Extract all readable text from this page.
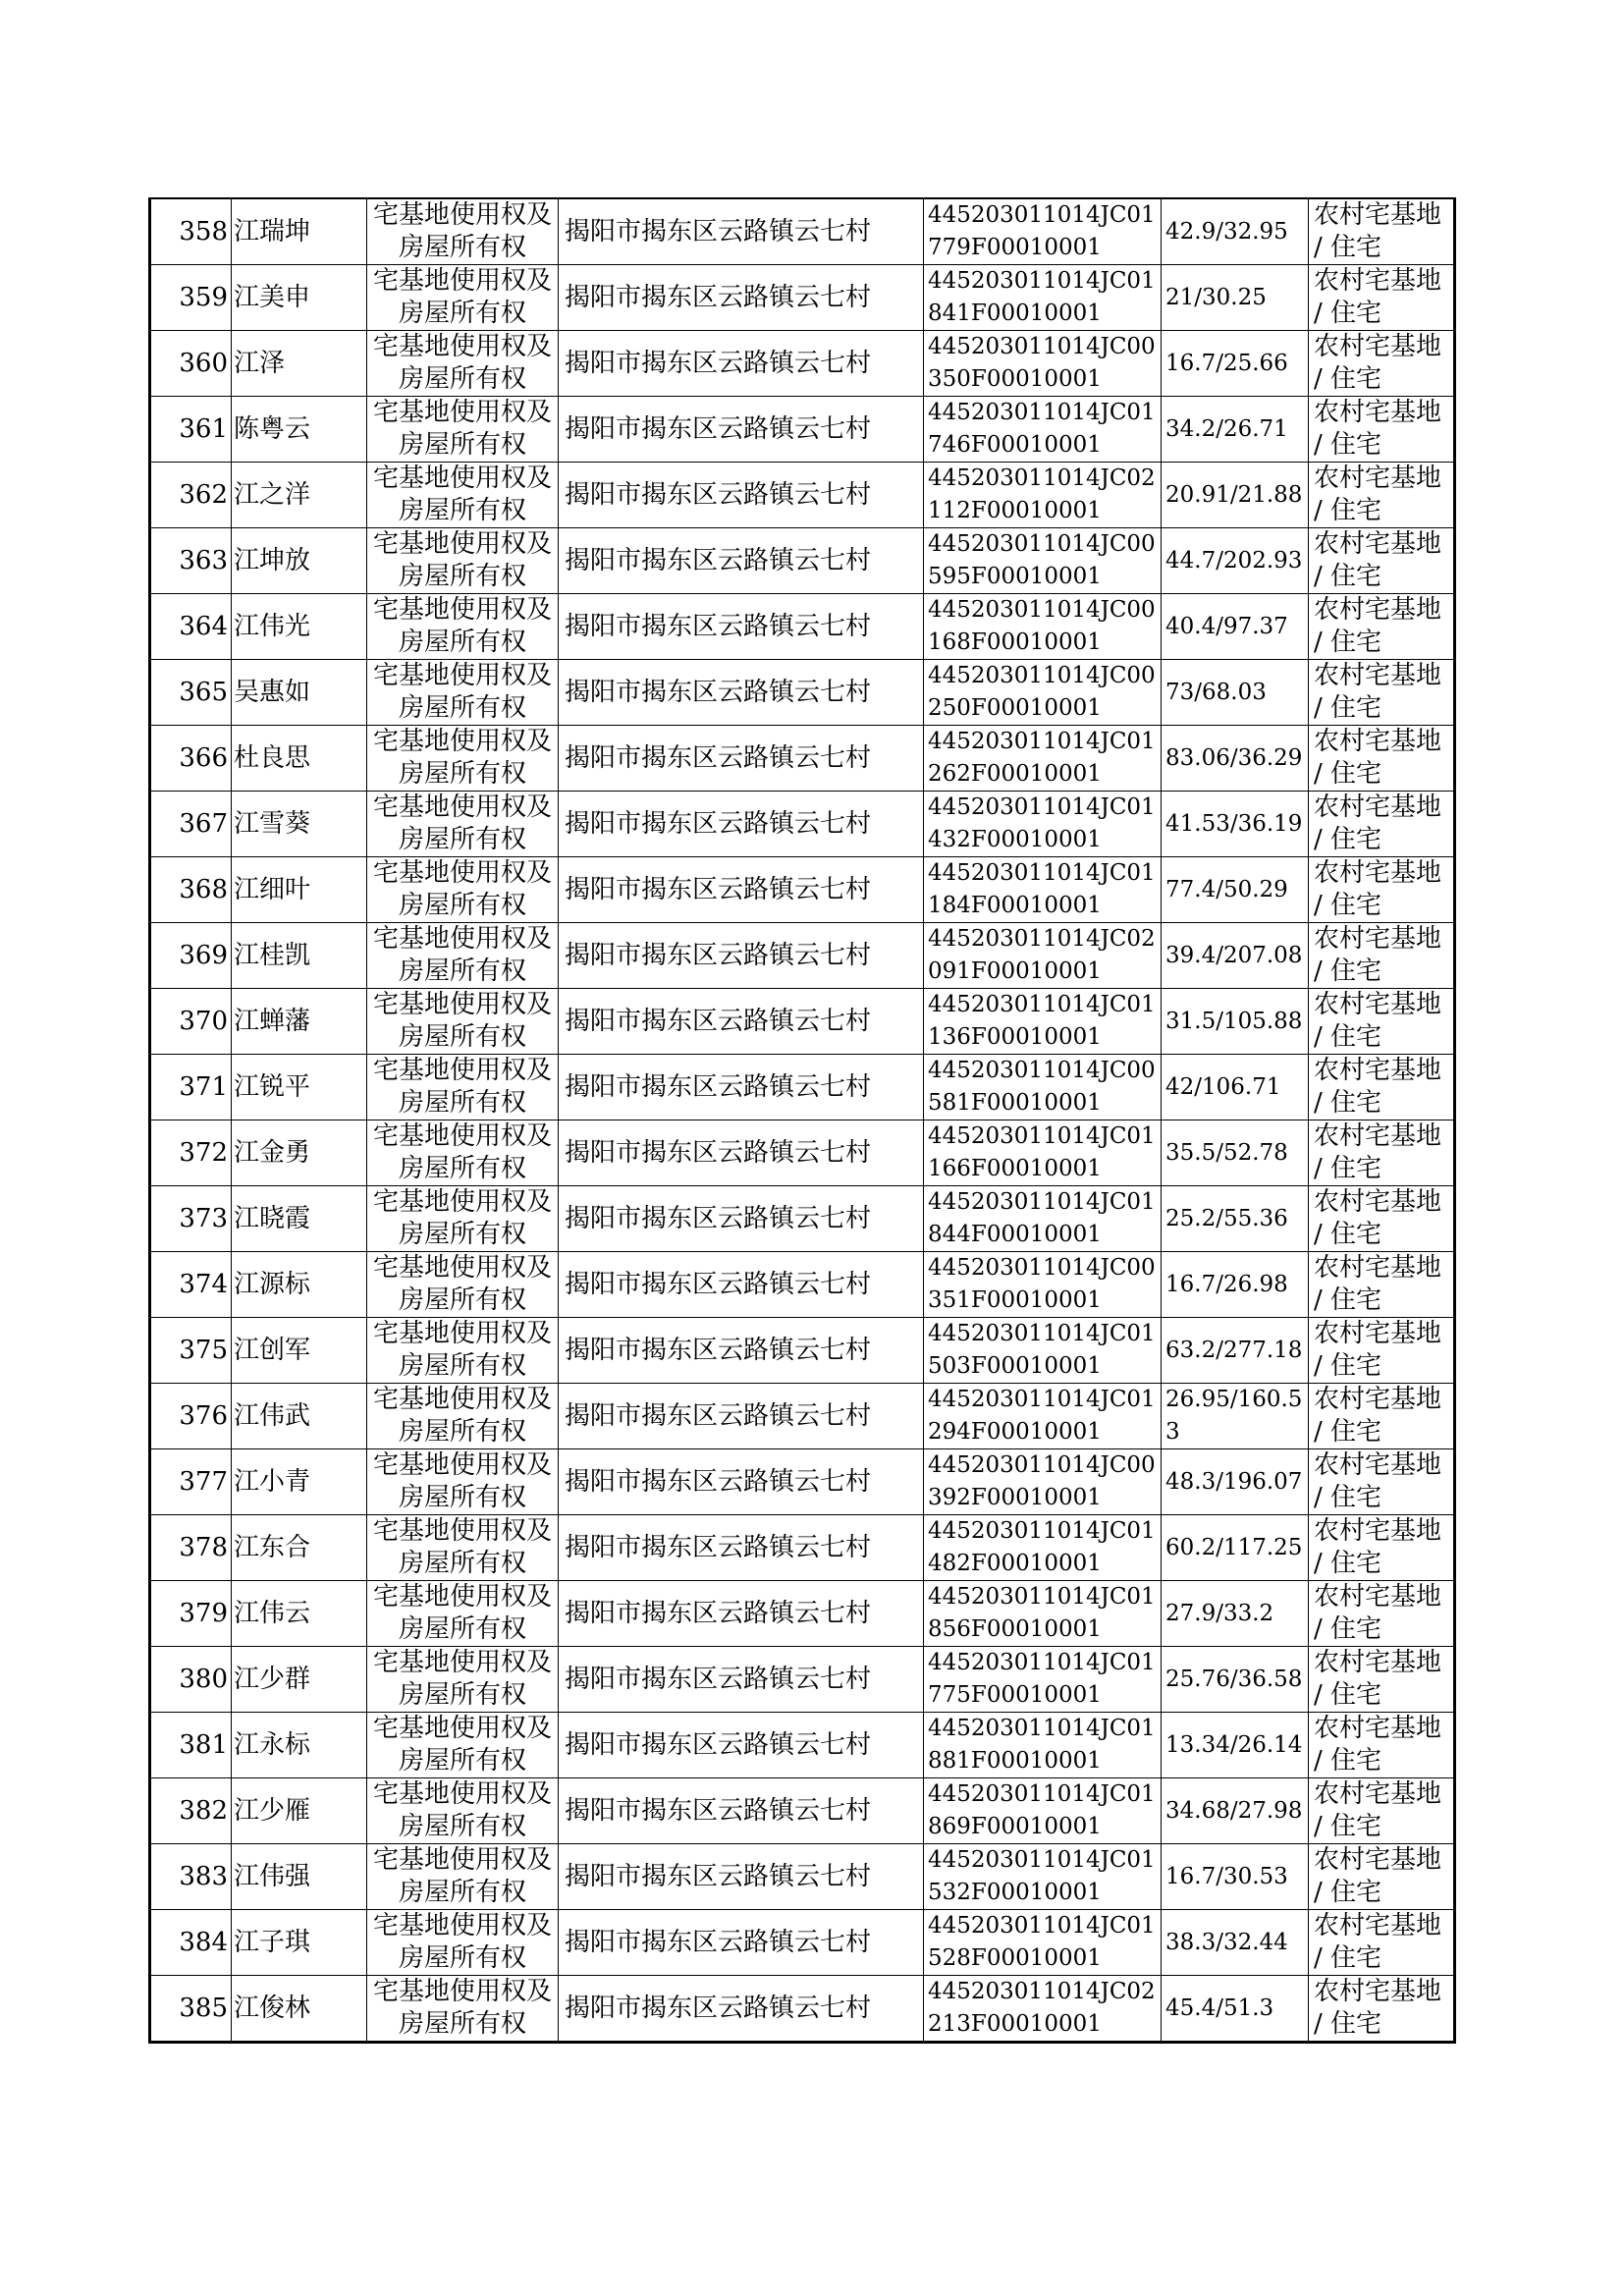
358	江瑞坤	宅基地使用权及房屋所有权	揭阳市揭东区云路镇云七村	445203011014JC01779F00010001	42.9/32.95	农村宅基地 / 住宅
359	江美申	宅基地使用权及房屋所有权	揭阳市揭东区云路镇云七村	445203011014JC01841F00010001	21/30.25	农村宅基地 / 住宅
360	江泽	宅基地使用权及房屋所有权	揭阳市揭东区云路镇云七村	445203011014JC00350F00010001	16.7/25.66	农村宅基地 / 住宅
361	陈粤云	宅基地使用权及房屋所有权	揭阳市揭东区云路镇云七村	445203011014JC01746F00010001	34.2/26.71	农村宅基地 / 住宅
362	江之洋	宅基地使用权及房屋所有权	揭阳市揭东区云路镇云七村	445203011014JC02112F00010001	20.91/21.88	农村宅基地 / 住宅
363	江坤放	宅基地使用权及房屋所有权	揭阳市揭东区云路镇云七村	445203011014JC00595F00010001	44.7/202.93	农村宅基地 / 住宅
364	江伟光	宅基地使用权及房屋所有权	揭阳市揭东区云路镇云七村	445203011014JC00168F00010001	40.4/97.37	农村宅基地 / 住宅
365	吴惠如	宅基地使用权及房屋所有权	揭阳市揭东区云路镇云七村	445203011014JC00250F00010001	73/68.03	农村宅基地 / 住宅
366	杜良思	宅基地使用权及房屋所有权	揭阳市揭东区云路镇云七村	445203011014JC01262F00010001	83.06/36.29	农村宅基地 / 住宅
367	江雪葵	宅基地使用权及房屋所有权	揭阳市揭东区云路镇云七村	445203011014JC01432F00010001	41.53/36.19	农村宅基地 / 住宅
368	江细叶	宅基地使用权及房屋所有权	揭阳市揭东区云路镇云七村	445203011014JC01184F00010001	77.4/50.29	农村宅基地 / 住宅
369	江桂凯	宅基地使用权及房屋所有权	揭阳市揭东区云路镇云七村	445203011014JC02091F00010001	39.4/207.08	农村宅基地 / 住宅
370	江蝉藩	宅基地使用权及房屋所有权	揭阳市揭东区云路镇云七村	445203011014JC01136F00010001	31.5/105.88	农村宅基地 / 住宅
371	江锐平	宅基地使用权及房屋所有权	揭阳市揭东区云路镇云七村	445203011014JC00581F00010001	42/106.71	农村宅基地 / 住宅
372	江金勇	宅基地使用权及房屋所有权	揭阳市揭东区云路镇云七村	445203011014JC01166F00010001	35.5/52.78	农村宅基地 / 住宅
373	江晓霞	宅基地使用权及房屋所有权	揭阳市揭东区云路镇云七村	445203011014JC01844F00010001	25.2/55.36	农村宅基地 / 住宅
374	江源标	宅基地使用权及房屋所有权	揭阳市揭东区云路镇云七村	445203011014JC00351F00010001	16.7/26.98	农村宅基地 / 住宅
375	江创军	宅基地使用权及房屋所有权	揭阳市揭东区云路镇云七村	445203011014JC01503F00010001	63.2/277.18	农村宅基地 / 住宅
376	江伟武	宅基地使用权及房屋所有权	揭阳市揭东区云路镇云七村	445203011014JC01294F00010001	26.95/160.53	农村宅基地 / 住宅
377	江小青	宅基地使用权及房屋所有权	揭阳市揭东区云路镇云七村	445203011014JC00392F00010001	48.3/196.07	农村宅基地 / 住宅
378	江东合	宅基地使用权及房屋所有权	揭阳市揭东区云路镇云七村	445203011014JC01482F00010001	60.2/117.25	农村宅基地 / 住宅
379	江伟云	宅基地使用权及房屋所有权	揭阳市揭东区云路镇云七村	445203011014JC01856F00010001	27.9/33.2	农村宅基地 / 住宅
380	江少群	宅基地使用权及房屋所有权	揭阳市揭东区云路镇云七村	445203011014JC01775F00010001	25.76/36.58	农村宅基地 / 住宅
381	江永标	宅基地使用权及房屋所有权	揭阳市揭东区云路镇云七村	445203011014JC01881F00010001	13.34/26.14	农村宅基地 / 住宅
382	江少雁	宅基地使用权及房屋所有权	揭阳市揭东区云路镇云七村	445203011014JC01869F00010001	34.68/27.98	农村宅基地 / 住宅
383	江伟强	宅基地使用权及房屋所有权	揭阳市揭东区云路镇云七村	445203011014JC01532F00010001	16.7/30.53	农村宅基地 / 住宅
384	江子琪	宅基地使用权及房屋所有权	揭阳市揭东区云路镇云七村	445203011014JC01528F00010001	38.3/32.44	农村宅基地 / 住宅
385	江俊林	宅基地使用权及房屋所有权	揭阳市揭东区云路镇云七村	445203011014JC02213F00010001	45.4/51.3	农村宅基地 / 住宅
